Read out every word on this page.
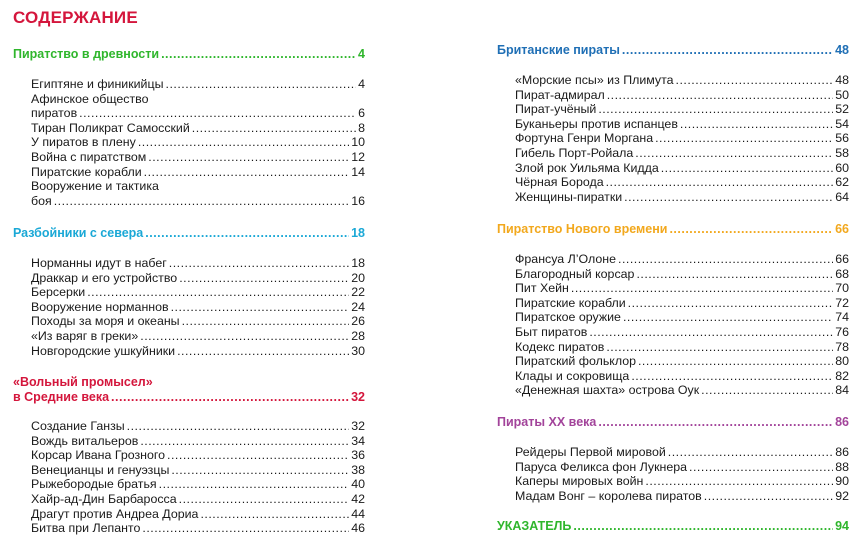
СОДЕРЖАНИЕ
Пиратство в древности .....	4
Египтяне и финикийцы .....	4
Афинское общество
пиратов .....	6
Тиран Поликрат Самосский .....	8
У пиратов в плену .....	10
Война с пиратством .....	12
Пиратские корабли .....	14
Вооружение и тактика
боя .....	16
Разбойники с севера .....	18
Норманны идут в набег .....	18
Драккар и его устройство .....	20
Берсерки .....	22
Вооружение норманнов .....	24
Походы за моря и океаны .....	26
«Из варяг в греки» .....	28
Новгородские ушкуйники .....	30
«Вольный промысел»
в Средние века .....	32
Создание Ганзы .....	32
Вождь витальеров .....	34
Корсар Ивана Грозного .....	36
Венецианцы и генуэзцы .....	38
Рыжебородые братья .....	40
Хайр-ад-Дин Барбаросса .....	42
Драгут против Андреа Дориа .....	44
Битва при Лепанто .....	46
Британские пираты .....	48
«Морские псы» из Плимута .....	48
Пират-адмирал .....	50
Пират-учёный .....	52
Буканьеры против испанцев .....	54
Фортуна Генри Моргана .....	56
Гибель Порт-Ройала .....	58
Злой рок Уильяма Кидда .....	60
Чёрная Борода .....	62
Женщины-пиратки .....	64
Пиратство Нового времени .....	66
Франсуа Л’Олоне .....	66
Благородный корсар .....	68
Пит Хейн .....	70
Пиратские корабли .....	72
Пиратское оружие .....	74
Быт пиратов .....	76
Кодекс пиратов .....	78
Пиратский фольклор .....	80
Клады и сокровища .....	82
«Денежная шахта» острова Оук .....	84
Пираты XX века .....	86
Рейдеры Первой мировой .....	86
Паруса Феликса фон Лукнера .....	88
Каперы мировых войн .....	90
Мадам Вонг – королева пиратов .....	92
УКАЗАТЕЛЬ .....	94
